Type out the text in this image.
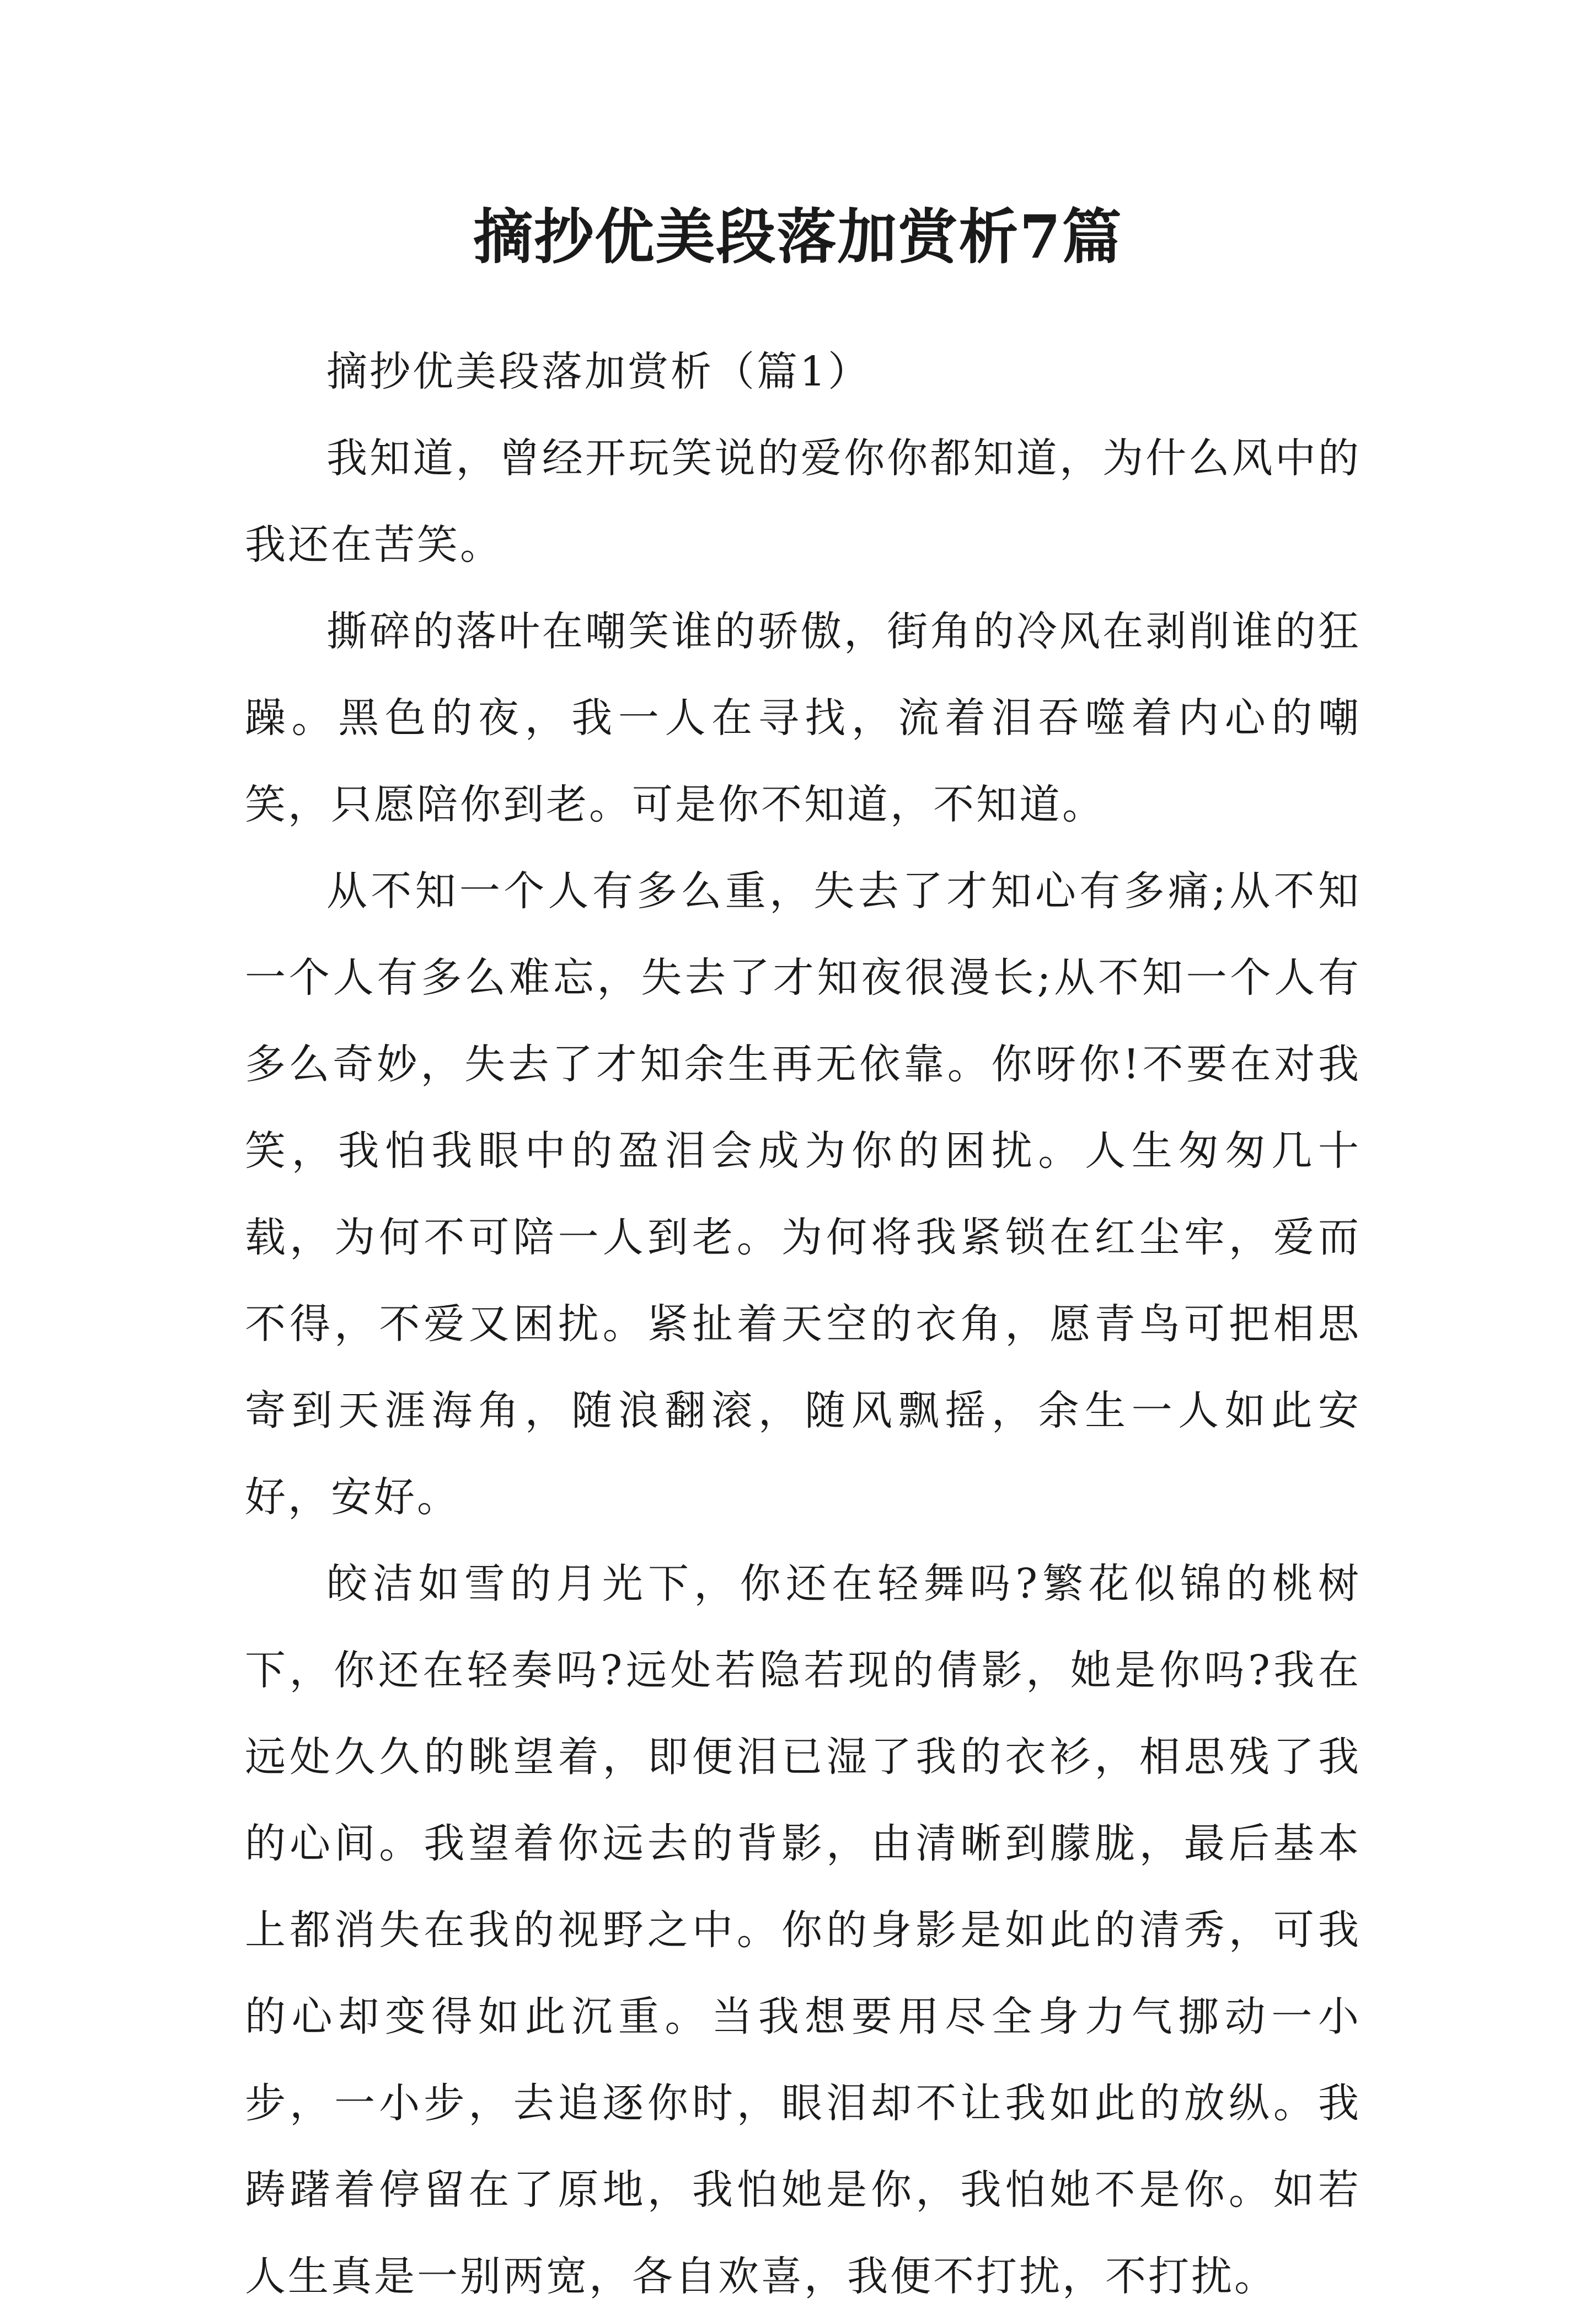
摘抄优美段落加赏析7篇

摘抄优美段落加赏析（篇1）

我知道，曾经开玩笑说的爱你你都知道，为什么风中的我还在苦笑。

撕碎的落叶在嘲笑谁的骄傲，街角的冷风在剥削谁的狂躁。黑色的夜，我一人在寻找，流着泪吞噬着内心的嘲笑，只愿陪你到老。可是你不知道，不知道。

从不知一个人有多么重，失去了才知心有多痛;从不知一个人有多么难忘，失去了才知夜很漫长;从不知一个人有多么奇妙，失去了才知余生再无依靠。你呀你!不要在对我笑，我怕我眼中的盈泪会成为你的困扰。人生匆匆几十载，为何不可陪一人到老。为何将我紧锁在红尘牢，爱而不得，不爱又困扰。紧扯着天空的衣角，愿青鸟可把相思寄到天涯海角，随浪翻滚，随风飘摇，余生一人如此安好，安好。

皎洁如雪的月光下，你还在轻舞吗?繁花似锦的桃树下，你还在轻奏吗?远处若隐若现的倩影，她是你吗?我在远处久久的眺望着，即便泪已湿了我的衣衫，相思残了我的心间。我望着你远去的背影，由清晰到朦胧，最后基本上都消失在我的视野之中。你的身影是如此的清秀，可我的心却变得如此沉重。当我想要用尽全身力气挪动一小步，一小步，去追逐你时，眼泪却不让我如此的放纵。我踌躇着停留在了原地，我怕她是你，我怕她不是你。如若人生真是一别两宽，各自欢喜，我便不打扰，不打扰。
